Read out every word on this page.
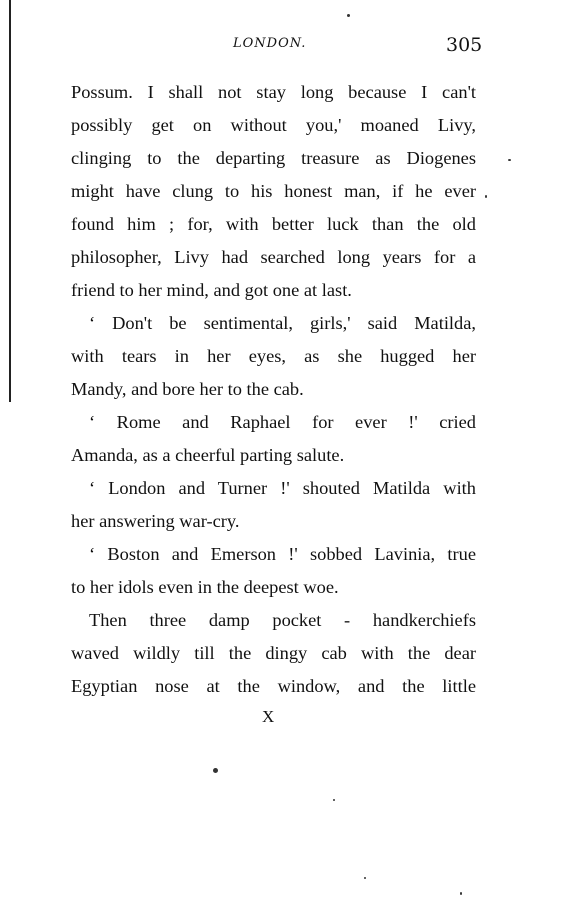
LONDON.	305
Possum. I shall not stay long because I can't
possibly get on without you,' moaned Livy,
clinging to the departing treasure as Diogenes
might have clung to his honest man, if he ever
found him ; for, with better luck than the old
philosopher, Livy had searched long years for a
friend to her mind, and got one at last.
‘ Don't be sentimental, girls,' said Matilda,
with tears in her eyes, as she hugged her
Mandy, and bore her to the cab.
‘ Rome and Raphael for ever !' cried
Amanda, as a cheerful parting salute.
‘ London and Turner !' shouted Matilda with
her answering war-cry.
‘ Boston and Emerson !' sobbed Lavinia, true
to her idols even in the deepest woe.
Then three damp pocket - handkerchiefs
waved wildly till the dingy cab with the dear
Egyptian nose at the window, and the little
X
